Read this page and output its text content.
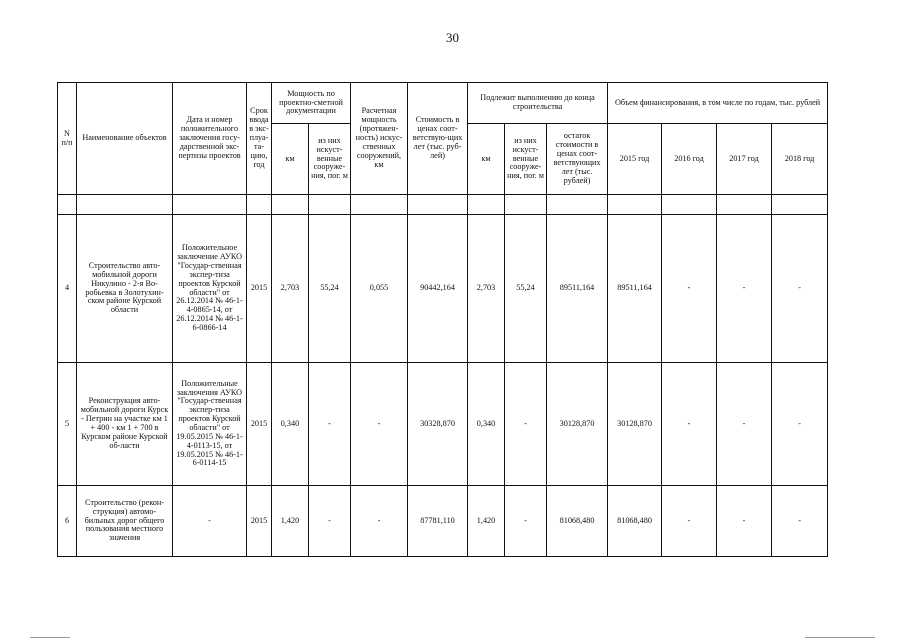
30
N п/п	Наименование объектов	Дата и номер положительного заключения госу-дарственной экс-пертизы проектов	Срок ввода в экс-плуа-та-цию, год	Мощность по проектно-сметной документации		Расчетная мощность (протяжен-ность) искус-ственных сооружений, км	Стоимость в ценах соот-ветствую-щих лет (тыс. руб-лей)	Подлежит выполнению до конца строительства			Объем финансирования, в том числе по годам, тыс. рублей			
				км	из них искуст-венные сооруже-ния, пог. м			км	из них искуст-венные сооруже-ния, пог. м	остаток стоимости в ценах соот-ветствующих лет (тыс. рублей)	2015 год	2016 год	2017 год	2018 год

4	Строительство авто-мобильной дороги Никулино - 2-я Во-робьевка в Золотухин-ском районе Курской области	Положительное заключение АУКО "Государ-ственная экспер-тиза проектов Курской области" от 26.12.2014 № 46-1-4-0865-14, от 26.12.2014 № 46-1-6-0866-14	2015	2,703	55,24	0,055	90442,164	2,703	55,24	89511,164	89511,164	-	-	-
5	Реконструкция авто-мобильной дороги Курск - Петрин на участке км 1 + 400 - км 1 + 700 в Курском районе Курской об-ласти	Положительные заключения АУКО "Государ-ственная экспер-тиза проектов Курской области" от 19.05.2015 № 46-1-4-0113-15, от 19.05.2015 № 46-1-6-0114-15	2015	0,340	-	-	30328,870	0,340	-	30128,870	30128,870	-	-	-
6	Строительство (рекон-струкция) автомо-бильных дорог общего пользования местного значения	-	2015	1,420	-	-	87781,110	1,420	-	81068,480	81068,480	-	-	-
